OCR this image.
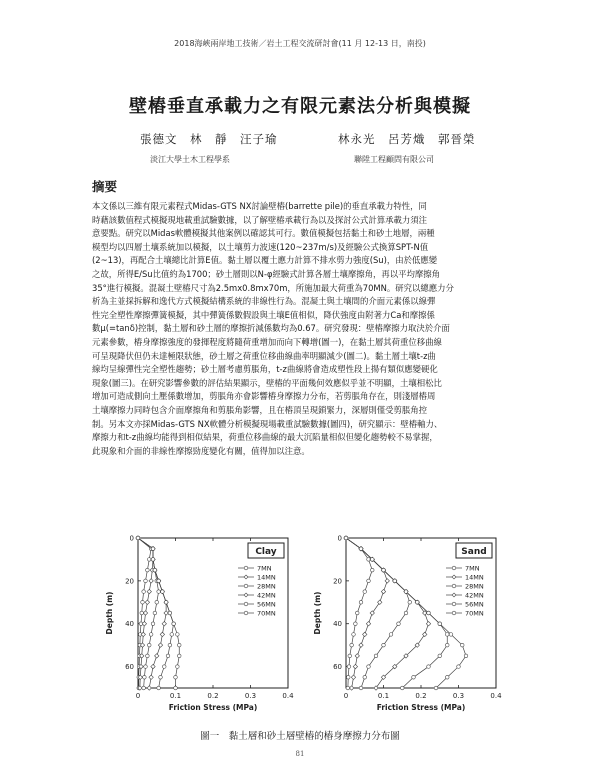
2018海峽兩岸地工技術／岩土工程交流研討會(11 月 12-13 日，南投)
壁樁垂直承載力之有限元素法分析與模擬
張德文　林　靜　汪子瑜	林永光　呂芳熾　郭晉榮
淡江大學土木工程學系	聯陞工程顧問有限公司
摘要
本文係以三維有限元素程式Midas-GTS NX討論壁樁(barrette pile)的垂直承載力特性，同
時藉該數值程式模擬現地載重試驗數據，以了解壁樁承載行為以及探討公式計算承載力須注
意要點。研究以Midas軟體模擬其他案例以確認其可行。數值模擬包括黏土和砂土地層，兩種
模型均以四層土壤系統加以模擬，以土壤剪力波速(120~237m/s)及經驗公式換算SPT-N值
(2~13)，再配合土壤總比計算E值。黏土層以覆土應力計算不排水剪力強度(Su)，由於低應變
之故，所得E/Su比值約為1700；砂土層則以N-φ經驗式計算各層土壤摩擦角，再以平均摩擦角
35°進行模擬。混凝土壁樁尺寸為2.5mx0.8mx70m，所施加最大荷重為70MN。研究以總應力分
析為主並採拆解和逸代方式模擬結構系統的非線性行為。混凝土與土壤間的介面元素係以線彈
性完全塑性摩擦彈簧模擬，其中彈簧係數假設與土壤E值相似，降伏強度由附著力Ca和摩擦係
數μ(=tanδ)控制，黏土層和砂土層的摩擦折減係數均為0.67。研究發現：壁樁摩擦力取決於介面
元素參數，樁身摩擦強度的發揮程度將隨荷重增加而向下轉增(圖一)，在黏土層其荷重位移曲線
可呈現降伏但仍未達極限狀態，砂土層之荷重位移曲線曲率明顯減少(圖二)。黏土層土壤t-z曲
線均呈線彈性完全塑性趨勢；砂土層考慮剪脹角，t-z曲線將會造成塑性段上揚有類似應變硬化
現象(圖三)。在研究影響參數的評估結果顯示，壁樁的平面幾何效應似乎並不明顯，土壤相松比
增加可造成側向土壓係數增加，剪脹角亦會影響樁身摩擦力分布，若剪脹角存在，則淺層樁周
土壤摩擦力同時包含介面摩擦角和剪脹角影響，且在樁頂呈現鎖緊力，深層則僅受剪脹角控
制。另本文亦採Midas-GTS NX軟體分析模擬現場載重試驗數據(圖四)，研究顯示：壁樁軸力、
摩擦力和t-z曲線均能得到相似結果，荷重位移曲線的最大沉陷量相似但變化趨勢較不易掌握，
此現象和介面的非線性摩擦勁度變化有關，值得加以注意。
0	0.1	0.2	0.3	0.4
0
20
40
60
Friction Stress (MPa)
Depth (m)
Clay
7MN
14MN
28MN
42MN
56MN
70MN
0	0.1	0.2	0.3	0.4
0
20
40
60
Friction Stress (MPa)
Depth (m)
Sand
7MN
14MN
28MN
42MN
56MN
70MN
圖一　黏土層和砂土層壁樁的樁身摩擦力分布圖
81
